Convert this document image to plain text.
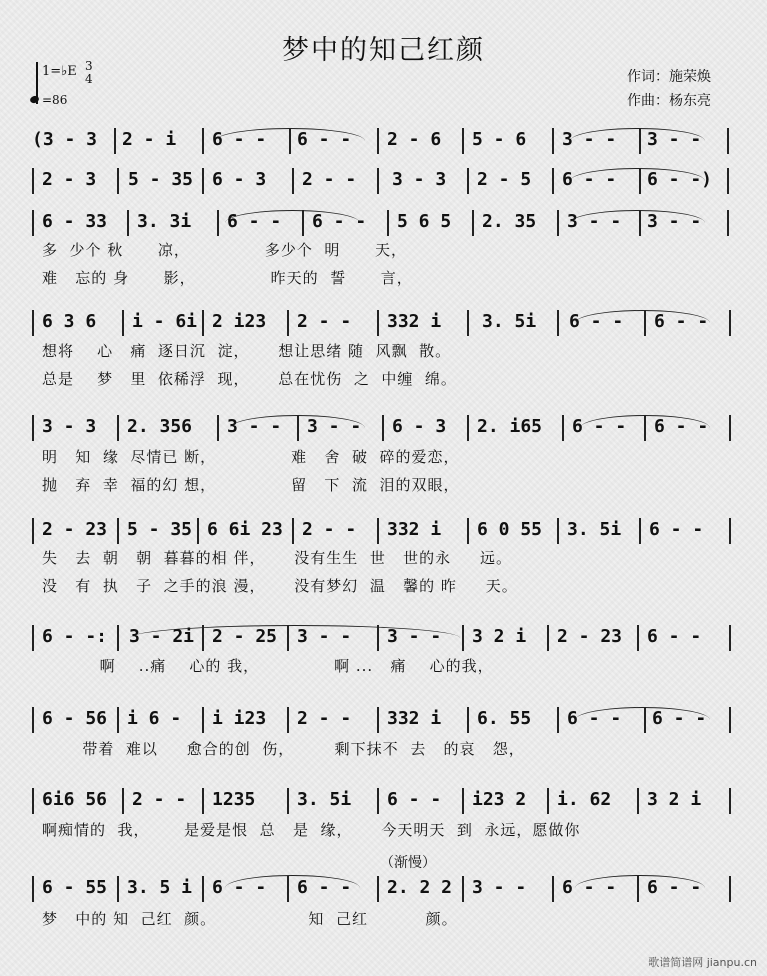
梦中的知己红颜
1=♭E 3
4
=86
作词：施荣焕
作曲：杨东亮
(3 - 3 2 - i 6 - - 6 - - 2 - 6 5 - 6 3 - - 3 - -
2 - 3 5 - 35 6 - 3 2 - - 3 - 3 2 - 5 6 - - 6 - -)
6 - 33 3. 3i 6 - - 6 - - 5 6 5 2. 35 3 - - 3 - -
6 3 6 i - 6i 2 i23 2 - - 332 i 3. 5i 6 - - 6 - -
3 - 3 2. 356 3 - - 3 - - 6 - 3 2. i65 6 - - 6 - -
2 - 23 5 - 35 6 6i 23 2 - - 332 i 6 0 55 3. 5i 6 - -
6 - -: 3 - 2i 2 - 25 3 - - 3 - - 3 2 i 2 - 23 6 - -
6 - 56 i 6 - i i23 2 - - 332 i 6. 55 6 - - 6 - -
6i6 56 2 - - 1235 3. 5i 6 - - i23 2 i. 62 3 2 i
6 - 55 3. 5 i 6 - - 6 - - 2. 2 2 3 - - 6 - - 6 - -
多  少个 秋      凉，             多少个  明      天，
难   忘的 身      影，             昨天的  誓      言，
想将    心   痛  逐日沉  淀，     想让思绪 随  风飘  散。
总是    梦   里  依稀浮  现，     总在忧伤  之  中缠  绵。
明   知  缘  尽情已 断，             难   舍  破  碎的爱恋，
抛   弃  幸  福的幻 想，             留   下  流  泪的双眼，
失   去  朝   朝  暮暮的相 伴，     没有生生  世   世的永     远。
没   有  执   子  之手的浪 漫，     没有梦幻  温   馨的 昨     天。
啊    ..痛    心的 我，             啊 ...   痛    心的我，
带着  难以     愈合的创  伤，       剩下抹不  去   的哀   怨，
啊痴情的  我，      是爱是恨  总   是  缘，     今天明天  到  永远，愿做你
梦   中的 知  己红  颜。                知  己红          颜。
（渐慢）
歌谱简谱网 jianpu.cn
